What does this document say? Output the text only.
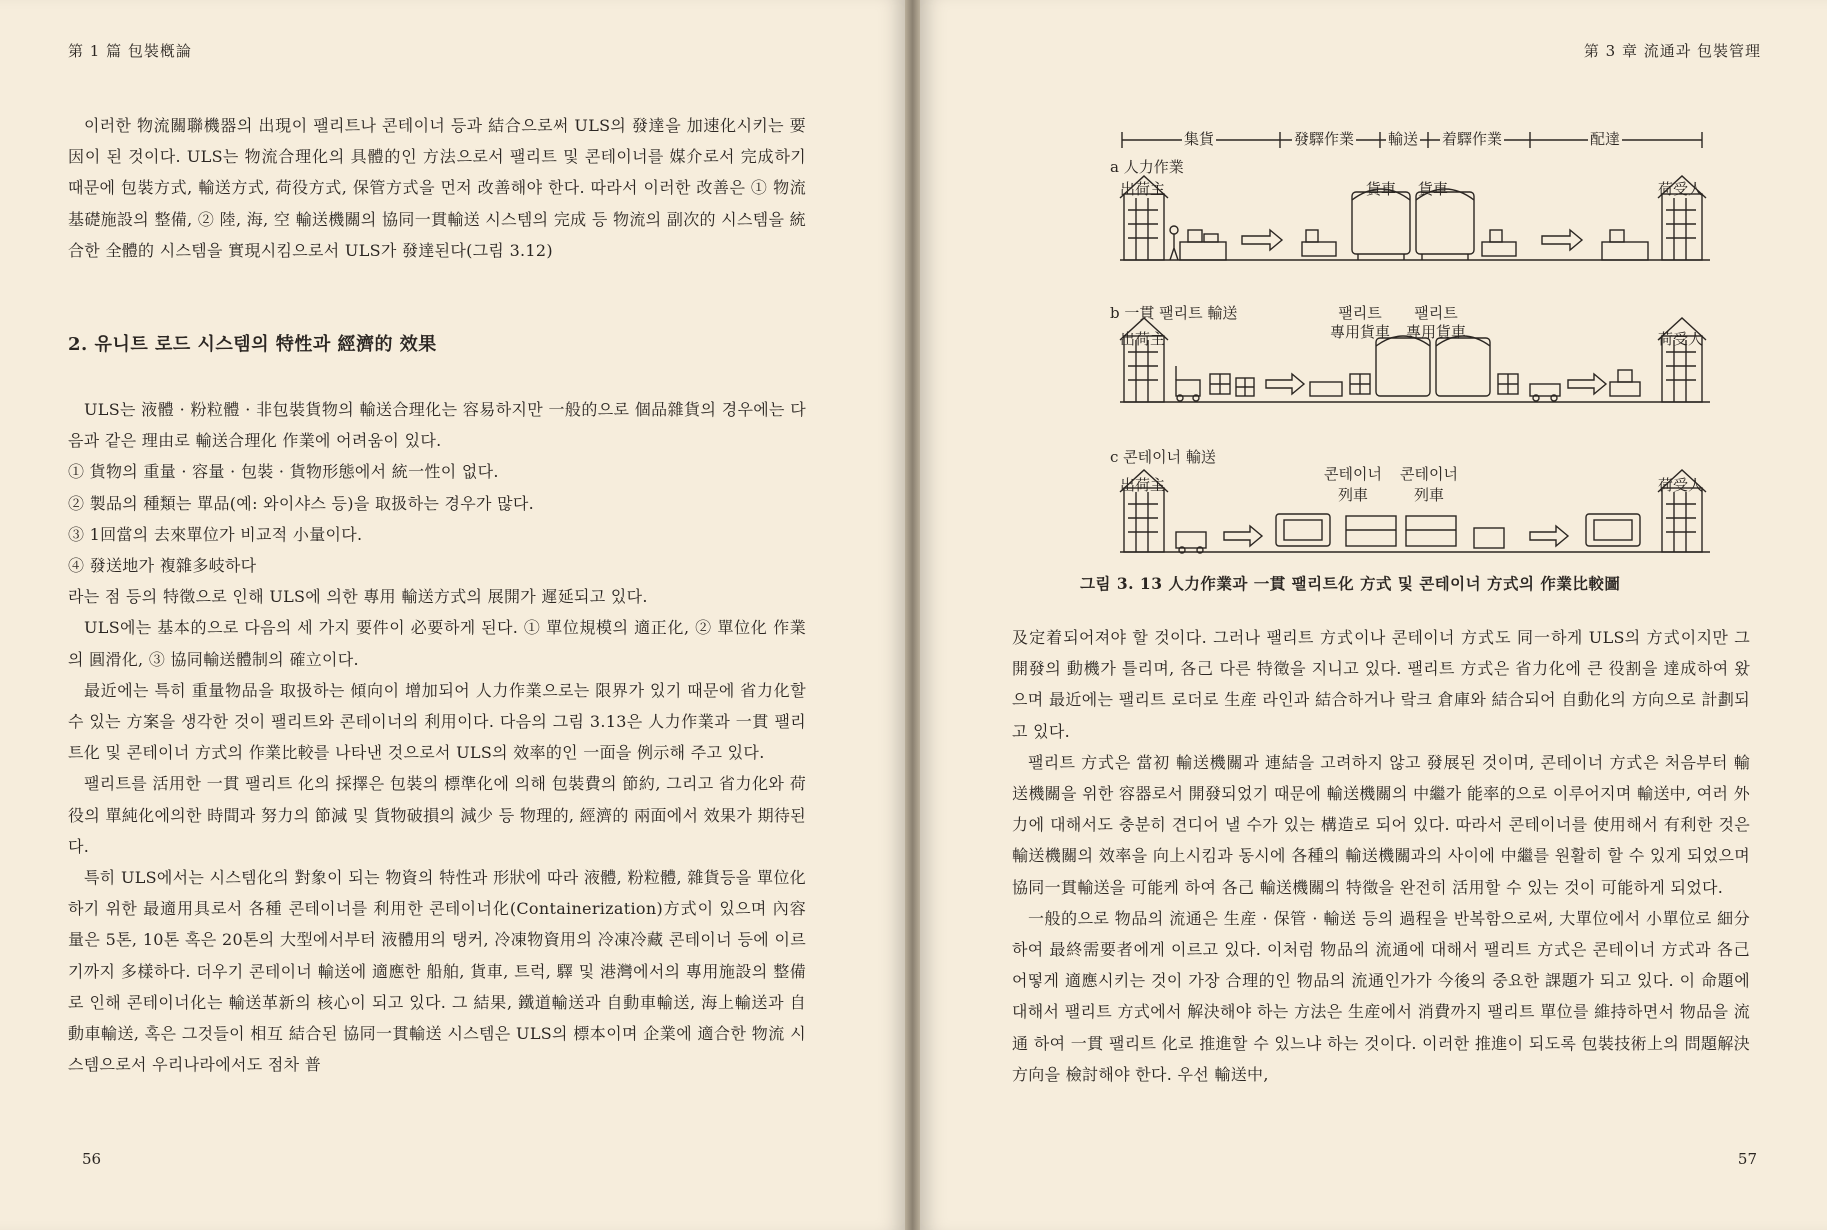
第 1 篇 包裝槪論

이러한 物流關聯機器의 出現이 팰리트나 콘테이너 등과 結合으로써 ULS의 發達을 加速化시키는 要因이 된 것이다. ULS는 物流合理化의 具體的인 方法으로서 팰리트 및 콘테이너를 媒介로서 完成하기 때문에 包裝方式, 輸送方式, 荷役方式, 保管方式을 먼저 改善해야 한다. 따라서 이러한 改善은 ① 物流基礎施設의 整備, ② 陸, 海, 空 輸送機關의 協同一貫輸送 시스템의 完成 등 物流의 副次的 시스템을 統合한 全體的 시스템을 實現시킴으로서 ULS가 發達된다(그림 3.12)

2. 유니트 로드 시스템의 特性과 經濟的 效果

ULS는 液體 · 粉粒體 · 非包裝貨物의 輸送合理化는 容易하지만 一般的으로 個品雜貨의 경우에는 다음과 같은 理由로 輸送合理化 作業에 어려움이 있다.

① 貨物의 重量 · 容量 · 包裝 · 貨物形態에서 統一性이 없다.

② 製品의 種類는 單品(예: 와이샤스 등)을 取扱하는 경우가 많다.

③ 1回當의 去來單位가 비교적 小量이다.

④ 發送地가 複雜多岐하다

라는 점 등의 特徵으로 인해 ULS에 의한 專用 輸送方式의 展開가 遲延되고 있다.

ULS에는 基本的으로 다음의 세 가지 要件이 必要하게 된다. ① 單位規模의 適正化, ② 單位化 作業의 圓滑化, ③ 協同輸送體制의 確立이다.

最近에는 특히 重量物品을 取扱하는 傾向이 增加되어 人力作業으로는 限界가 있기 때문에 省力化할 수 있는 方案을 생각한 것이 팰리트와 콘테이너의 利用이다. 다음의 그림 3.13은 人力作業과 一貫 팰리트化 및 콘테이너 方式의 作業比較를 나타낸 것으로서 ULS의 效率的인 一面을 例示해 주고 있다.

팰리트를 活用한 一貫 팰리트 化의 採擇은 包裝의 標準化에 의해 包裝費의 節約, 그리고 省力化와 荷役의 單純化에의한 時間과 努力의 節減 및 貨物破損의 減少 등 物理的, 經濟的 兩面에서 效果가 期待된다.

특히 ULS에서는 시스템化의 對象이 되는 物資의 特性과 形狀에 따라 液體, 粉粒體, 雜貨등을 單位化하기 위한 最適用具로서 各種 콘테이너를 利用한 콘테이너化(Containerization)方式이 있으며 內容量은 5톤, 10톤 혹은 20톤의 大型에서부터 液體用의 탱커, 冷凍物資用의 冷凍冷藏 콘테이너 등에 이르기까지 多樣하다. 더우기 콘테이너 輸送에 適應한 船舶, 貨車, 트럭, 驛 및 港灣에서의 專用施設의 整備로 인해 콘테이너化는 輸送革新의 核心이 되고 있다. 그 結果, 鐵道輸送과 自動車輸送, 海上輸送과 自動車輸送, 혹은 그것들이 相互 結合된 協同一貫輸送 시스템은 ULS의 標本이며 企業에 適合한 物流 시스템으로서 우리나라에서도 점차 普

56
第 3 章 流通과 包裝管理

及定着되어져야 할 것이다. 그러나 팰리트 方式이나 콘테이너 方式도 同一하게 ULS의 方式이지만 그 開發의 動機가 틀리며, 各己 다른 特徵을 지니고 있다. 팰리트 方式은 省力化에 큰 役割을 達成하여 왔으며 最近에는 팰리트 로더로 生産 라인과 結合하거나 랔크 倉庫와 結合되어 自動化의 方向으로 計劃되고 있다.

팰리트 方式은 當初 輸送機關과 連結을 고려하지 않고 發展된 것이며, 콘테이너 方式은 처음부터 輸送機關을 위한 容器로서 開發되었기 때문에 輸送機關의 中繼가 能率的으로 이루어지며 輸送中, 여러 外力에 대해서도 충분히 견디어 낼 수가 있는 構造로 되어 있다. 따라서 콘테이너를 使用해서 有利한 것은 輸送機關의 效率을 向上시킴과 동시에 各種의 輸送機關과의 사이에 中繼를 원활히 할 수 있게 되었으며 協同一貫輸送을 可能케 하여 各己 輸送機關의 特徵을 완전히 活用할 수 있는 것이 可能하게 되었다.

一般的으로 物品의 流通은 生産 · 保管 · 輸送 등의 過程을 반복함으로써, 大單位에서 小單位로 細分하여 最終需要者에게 이르고 있다. 이처럼 物品의 流通에 대해서 팰리트 方式은 콘테이너 方式과 各己 어떻게 適應시키는 것이 가장 合理的인 物品의 流通인가가 今後의 중요한 課題가 되고 있다. 이 命題에 대해서 팰리트 方式에서 解決해야 하는 方法은 生産에서 消費까지 팰리트 單位를 維持하면서 物品을 流通 하여 一貫 팰리트 化로 推進할 수 있느냐 하는 것이다. 이러한 推進이 되도록 包裝技術上의 問題解決方向을 檢討해야 한다. 우선 輸送中,

57
集貨	發驛作業 輸送 着驛作業	配達
a 人力作業
出荷主	貨車 貨車	荷受人
b 一貫 팰리트 輸送
出荷主
팰리트
專用貨車
팰리트
專用貨車	荷受人
c 콘테이너 輸送
出荷主
콘테이너
列車
콘테이너
列車
荷受人
그림 3. 13 人力作業과 一貫 팰리트化 方式 및 콘테이너 方式의 作業比較圖
